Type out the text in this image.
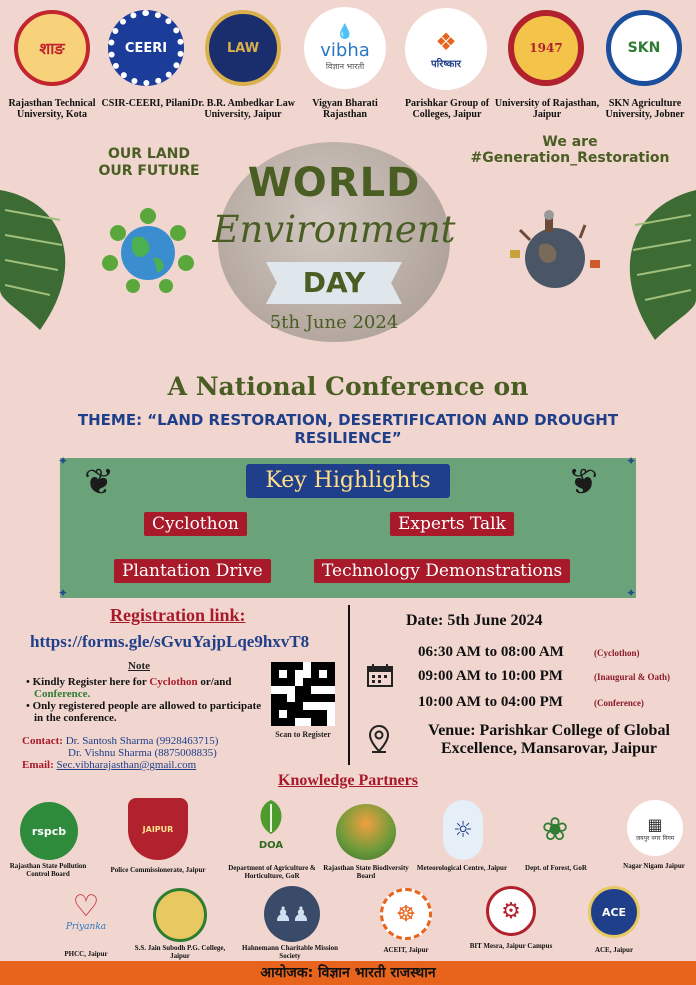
शाङ	CEERI	LAW
💧
vibha
विज्ञान भारती
❖
परिष्कार
1947	SKN
Rajasthan Technical University, Kota
CSIR-CEERI, Pilani Dr. B.R. Ambedkar Law University, Jaipur
Vigyan Bharati Rajasthan
Parishkar Group of Colleges, Jaipur
University of Rajasthan, Jaipur
SKN Agriculture University, Jobner
OUR LAND
OUR FUTURE
We are
#Generation_Restoration
WORLD
Environment
DAY
5th June 2024
A National Conference on
THEME: “LAND RESTORATION, DESERTIFICATION AND DROUGHT RESILIENCE”
✦	✦
✦	✦
❦	❦
Key Highlights
Cyclothon	Experts Talk
Plantation Drive	Technology Demonstrations
Registration link:
https://forms.gle/sGvuYajpLqe9hxvT8
Note
• Kindly Register here for Cyclothon or/and Conference.
• Only registered people are allowed to participate in the conference.
Scan to Register
Contact: Dr. Santosh Sharma (9928463715)
Dr. Vishnu Sharma (8875008835)
Email: Sec.vibharajasthan@gmail.com
Date: 5th June 2024
06:30 AM to 08:00 AM	(Cyclothon)
09:00 AM to 10:00 PM	(Inaugural & Oath)
10:00 AM to 04:00 PM	(Conference)
Venue: Parishkar College of Global Excellence, Mansarovar, Jaipur
Knowledge Partners
rspcb	JAIPUR
DOA
☼ ❀	▦
जयपुर नगर निगम
Rajasthan State Pollution Control Board	Police Commissionerate, Jaipur	Department of Agriculture & Horticulture, GoR
Rajasthan State Biodiversity Board
Meteorological Centre, Jaipur	Dept. of Forest, GoR	Nagar Nigam Jaipur
♡
Priyanka
♟♟	☸	⚙	ACE
PHCC, Jaipur
S.S. Jain Subodh P.G. College, Jaipur
Hahnemann Charitable Mission Society
ACEIT, Jaipur	BIT Mesra, Jaipur Campus	ACE, Jaipur
आयोजक: विज्ञान भारती राजस्थान
